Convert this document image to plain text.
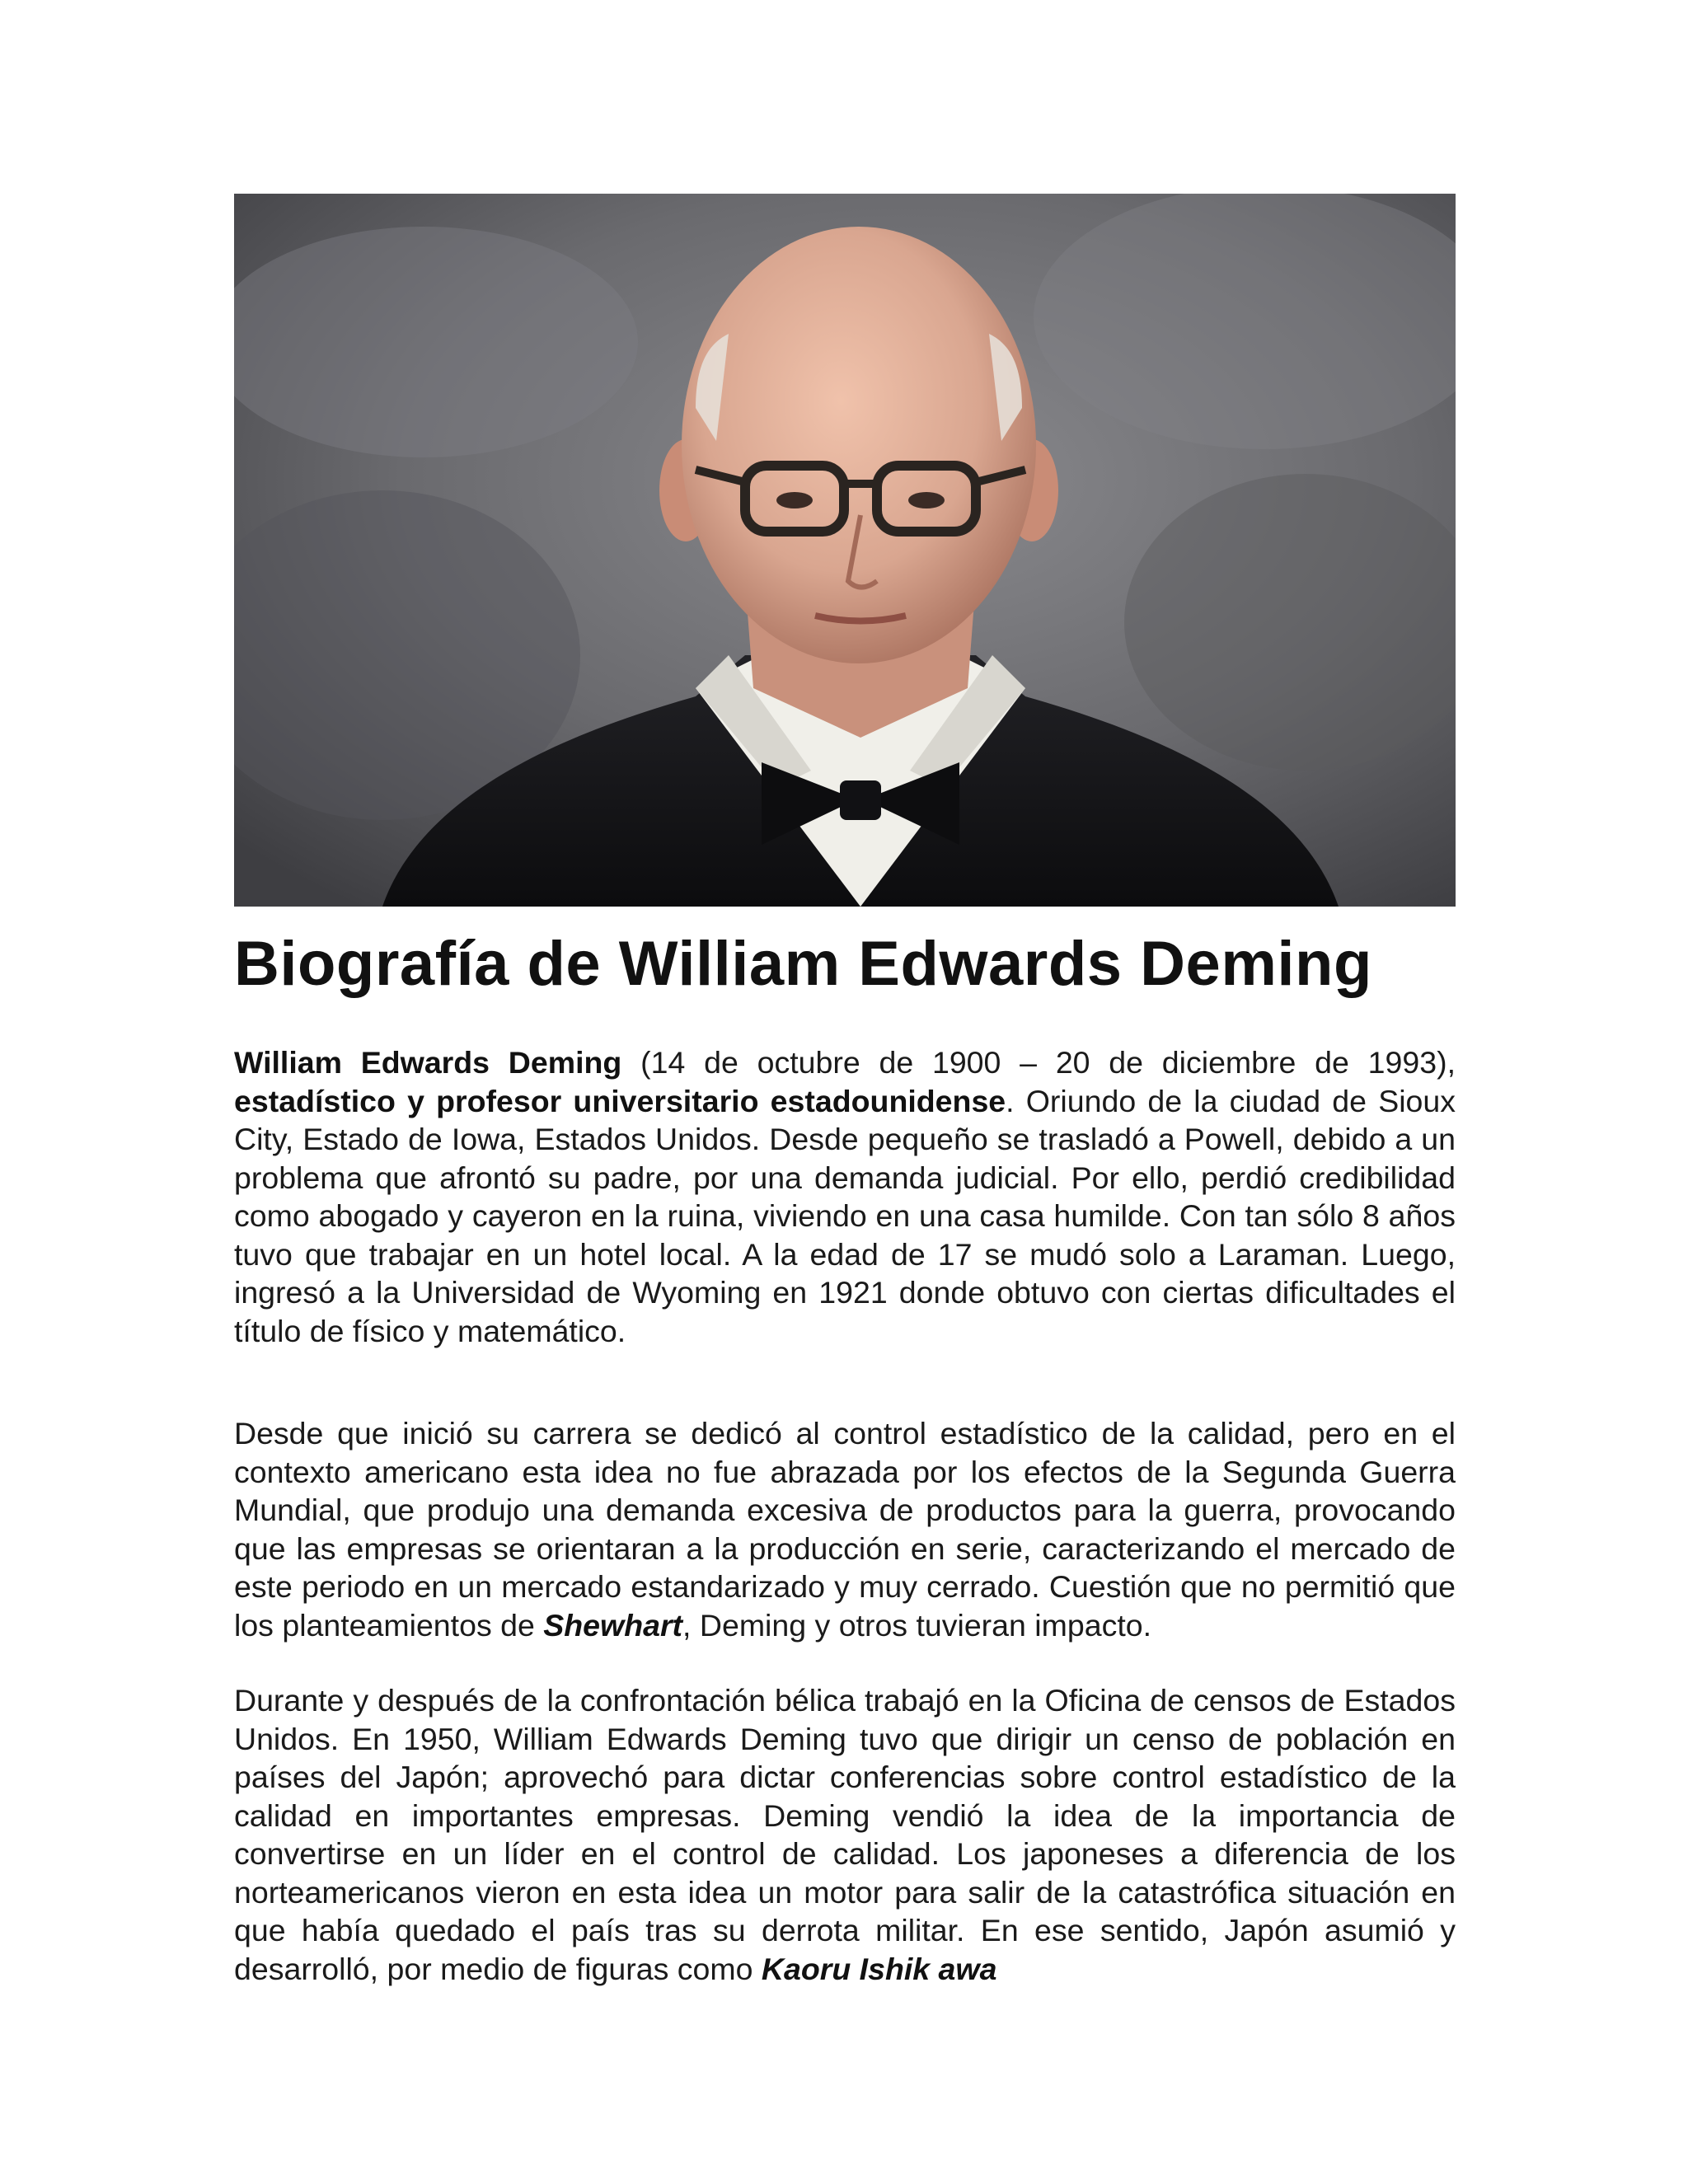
Biografía de William Edwards Deming

William Edwards Deming (14 de octubre de 1900 – 20 de diciembre de 1993), estadístico y profesor universitario estadounidense. Oriundo de la ciudad de Sioux City, Estado de Iowa, Estados Unidos. Desde pequeño se trasladó a Powell, debido a un problema que afrontó su padre, por una demanda judicial. Por ello, perdió credibilidad como abogado y cayeron en la ruina, viviendo en una casa humilde. Con tan sólo 8 años tuvo que trabajar en un hotel local. A la edad de 17 se mudó solo a Laraman. Luego, ingresó a la Universidad de Wyoming en 1921 donde obtuvo con ciertas dificultades el título de físico y matemático.

Desde que inició su carrera se dedicó al control estadístico de la calidad, pero en el contexto americano esta idea no fue abrazada por los efectos de la Segunda Guerra Mundial, que produjo una demanda excesiva de productos para la guerra, provocando que las empresas se orientaran a la producción en serie, caracterizando el mercado de este periodo en un mercado estandarizado y muy cerrado. Cuestión que no permitió que los planteamientos de Shewhart, Deming y otros tuvieran impacto.

Durante y después de la confrontación bélica trabajó en la Oficina de censos de Estados Unidos. En 1950, William Edwards Deming tuvo que dirigir un censo de población en países del Japón; aprovechó para dictar conferencias sobre control estadístico de la calidad en importantes empresas. Deming vendió la idea de la importancia de convertirse en un líder en el control de calidad. Los japoneses a diferencia de los norteamericanos vieron en esta idea un motor para salir de la catastrófica situación en que había quedado el país tras su derrota militar. En ese sentido, Japón asumió y desarrolló, por medio de figuras como Kaoru Ishik awa
